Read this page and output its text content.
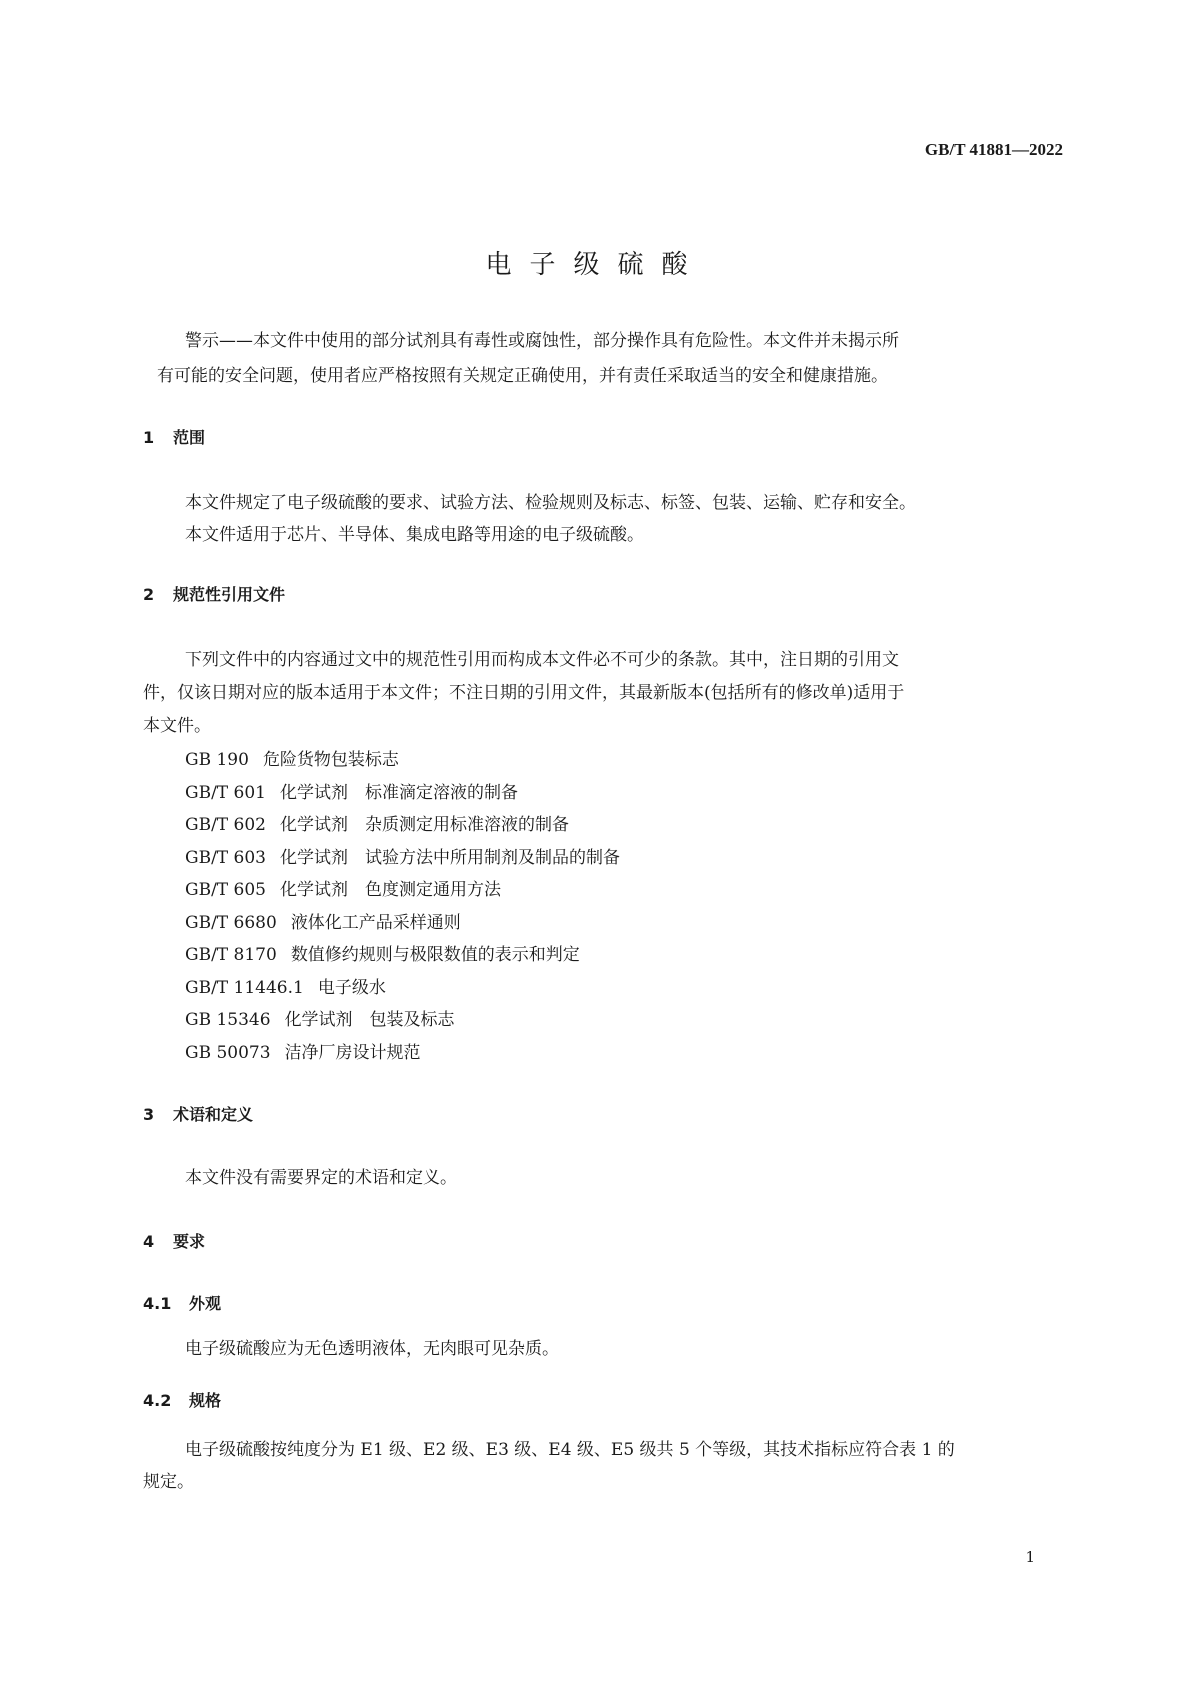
GB/T 41881—2022
电子级硫酸
警示——本文件中使用的部分试剂具有毒性或腐蚀性，部分操作具有危险性。本文件并未揭示所
有可能的安全问题，使用者应严格按照有关规定正确使用，并有责任采取适当的安全和健康措施。
1 范围
本文件规定了电子级硫酸的要求、试验方法、检验规则及标志、标签、包装、运输、贮存和安全。
本文件适用于芯片、半导体、集成电路等用途的电子级硫酸。
2 规范性引用文件
下列文件中的内容通过文中的规范性引用而构成本文件必不可少的条款。其中，注日期的引用文
件，仅该日期对应的版本适用于本文件；不注日期的引用文件，其最新版本(包括所有的修改单)适用于
本文件。
GB 190 危险货物包装标志
GB/T 601 化学试剂　标准滴定溶液的制备
GB/T 602 化学试剂　杂质测定用标准溶液的制备
GB/T 603 化学试剂　试验方法中所用制剂及制品的制备
GB/T 605 化学试剂　色度测定通用方法
GB/T 6680 液体化工产品采样通则
GB/T 8170 数值修约规则与极限数值的表示和判定
GB/T 11446.1 电子级水
GB 15346 化学试剂　包装及标志
GB 50073 洁净厂房设计规范
3 术语和定义
本文件没有需要界定的术语和定义。
4 要求
4.1 外观
电子级硫酸应为无色透明液体，无肉眼可见杂质。
4.2 规格
电子级硫酸按纯度分为 E1 级、E2 级、E3 级、E4 级、E5 级共 5 个等级，其技术指标应符合表 1 的
规定。
1
